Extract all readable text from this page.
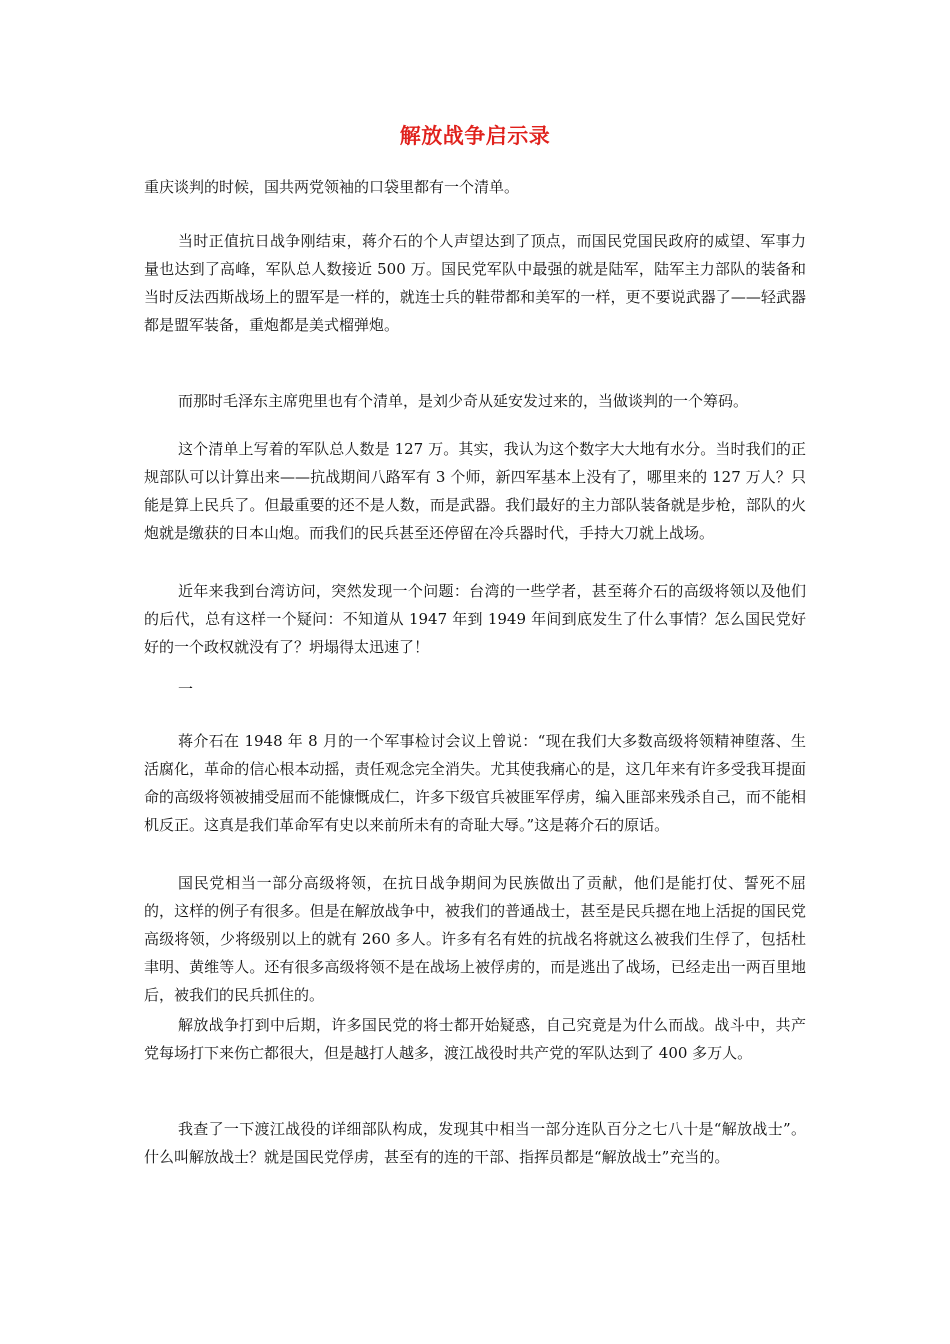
解放战争启示录

重庆谈判的时候，国共两党领袖的口袋里都有一个清单。

当时正值抗日战争刚结束，蒋介石的个人声望达到了顶点，而国民党国民政府的威望、军事力量也达到了高峰，军队总人数接近 500 万。国民党军队中最强的就是陆军，陆军主力部队的装备和当时反法西斯战场上的盟军是一样的，就连士兵的鞋带都和美军的一样，更不要说武器了——轻武器都是盟军装备，重炮都是美式榴弹炮。

而那时毛泽东主席兜里也有个清单，是刘少奇从延安发过来的，当做谈判的一个筹码。

这个清单上写着的军队总人数是 127 万。其实，我认为这个数字大大地有水分。当时我们的正规部队可以计算出来——抗战期间八路军有 3 个师，新四军基本上没有了，哪里来的 127 万人？只能是算上民兵了。但最重要的还不是人数，而是武器。我们最好的主力部队装备就是步枪，部队的火炮就是缴获的日本山炮。而我们的民兵甚至还停留在冷兵器时代，手持大刀就上战场。

近年来我到台湾访问，突然发现一个问题：台湾的一些学者，甚至蒋介石的高级将领以及他们的后代，总有这样一个疑问：不知道从 1947 年到 1949 年间到底发生了什么事情？怎么国民党好好的一个政权就没有了？坍塌得太迅速了！

一

蒋介石在 1948 年 8 月的一个军事检讨会议上曾说：“现在我们大多数高级将领精神堕落、生活腐化，革命的信心根本动摇，责任观念完全消失。尤其使我痛心的是，这几年来有许多受我耳提面命的高级将领被捕受屈而不能慷慨成仁，许多下级官兵被匪军俘虏，编入匪部来残杀自己，而不能相机反正。这真是我们革命军有史以来前所未有的奇耻大辱。”这是蒋介石的原话。

国民党相当一部分高级将领，在抗日战争期间为民族做出了贡献，他们是能打仗、誓死不屈的，这样的例子有很多。但是在解放战争中，被我们的普通战士，甚至是民兵摁在地上活捉的国民党高级将领，少将级别以上的就有 260 多人。许多有名有姓的抗战名将就这么被我们生俘了，包括杜聿明、黄维等人。还有很多高级将领不是在战场上被俘虏的，而是逃出了战场，已经走出一两百里地后，被我们的民兵抓住的。

解放战争打到中后期，许多国民党的将士都开始疑惑，自己究竟是为什么而战。战斗中，共产党每场打下来伤亡都很大，但是越打人越多，渡江战役时共产党的军队达到了 400 多万人。

我查了一下渡江战役的详细部队构成，发现其中相当一部分连队百分之七八十是“解放战士”。什么叫解放战士？就是国民党俘虏，甚至有的连的干部、指挥员都是“解放战士”充当的。
